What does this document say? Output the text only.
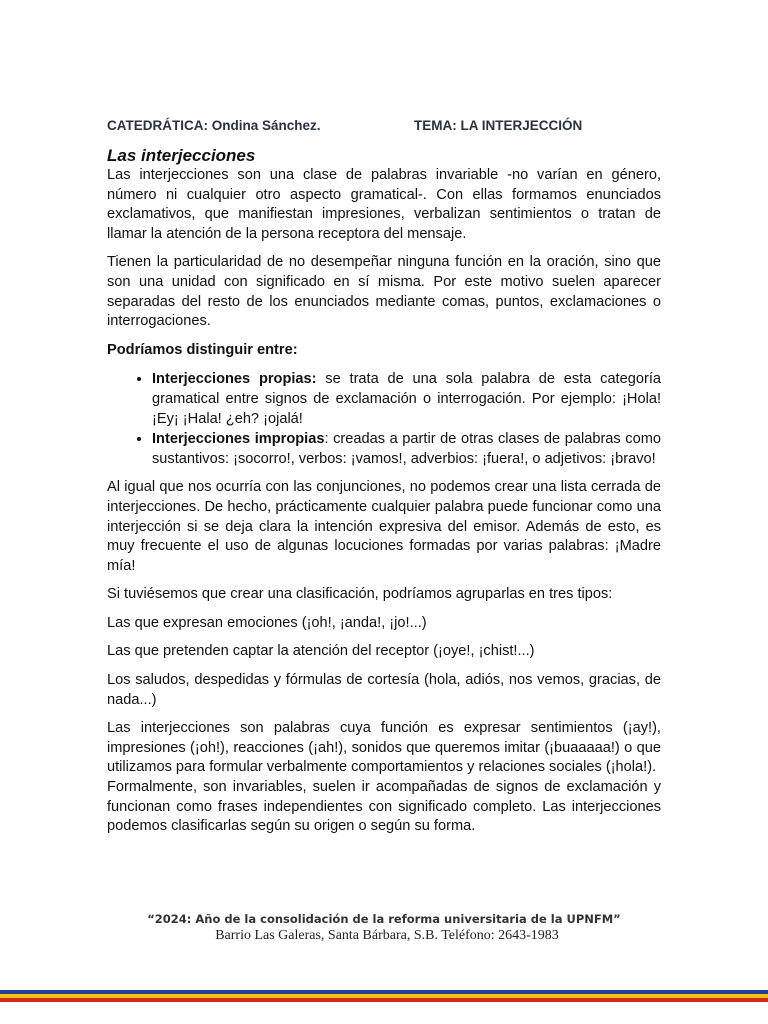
CATEDRÁTICA: Ondina Sánchez.	TEMA: LA INTERJECCIÓN
Las interjecciones

Las interjecciones son una clase de palabras invariable -no varían en género, número ni cualquier otro aspecto gramatical-. Con ellas formamos enunciados exclamativos, que manifiestan impresiones, verbalizan sentimientos o tratan de llamar la atención de la persona receptora del mensaje.

Tienen la particularidad de no desempeñar ninguna función en la oración, sino que son una unidad con significado en sí misma. Por este motivo suelen aparecer separadas del resto de los enunciados mediante comas, puntos, exclamaciones o interrogaciones.

Podríamos distinguir entre:

• Interjecciones propias: se trata de una sola palabra de esta categoría gramatical entre signos de exclamación o interrogación. Por ejemplo: ¡Hola! ¡Ey¡ ¡Hala! ¿eh? ¡ojalá!
• Interjecciones impropias: creadas a partir de otras clases de palabras como sustantivos: ¡socorro!, verbos: ¡vamos!, adverbios: ¡fuera!, o adjetivos: ¡bravo!

Al igual que nos ocurría con las conjunciones, no podemos crear una lista cerrada de interjecciones. De hecho, prácticamente cualquier palabra puede funcionar como una interjección si se deja clara la intención expresiva del emisor. Además de esto, es muy frecuente el uso de algunas locuciones formadas por varias palabras: ¡Madre mía!

Si tuviésemos que crear una clasificación, podríamos agruparlas en tres tipos:

Las que expresan emociones (¡oh!, ¡anda!, ¡jo!...)

Las que pretenden captar la atención del receptor (¡oye!, ¡chist!...)

Los saludos, despedidas y fórmulas de cortesía (hola, adiós, nos vemos, gracias, de nada...)

Las interjecciones son palabras cuya función es expresar sentimientos (¡ay!), impresiones (¡oh!), reacciones (¡ah!), sonidos que queremos imitar (¡buaaaaa!) o que utilizamos para formular verbalmente comportamientos y relaciones sociales (¡hola!).

Formalmente, son invariables, suelen ir acompañadas de signos de exclamación y funcionan como frases independientes con significado completo. Las interjecciones podemos clasificarlas según su origen o según su forma.

“2024: Año de la consolidación de la reforma universitaria de la UPNFM”
Barrio Las Galeras, Santa Bárbara, S.B. Teléfono: 2643-1983
